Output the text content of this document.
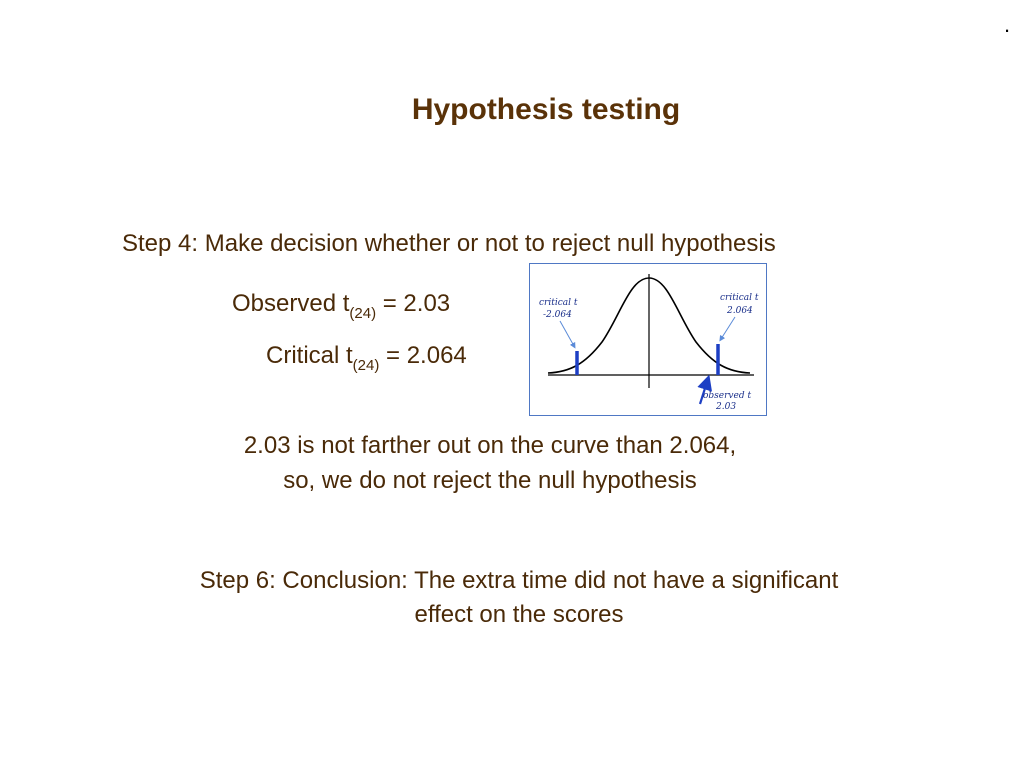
.
Hypothesis testing
Step 4: Make decision whether or not to reject null hypothesis
Observed $t_{(24)} = 2.03$
Critical $t_{(24)} = 2.064$
critical t
-2.064
critical t
2.064
observed t
2.03
2.03 is not farther out on the curve than 2.064,
so, we do not reject the null hypothesis
Step 6: Conclusion: The extra time did not have a significant
effect on the scores
